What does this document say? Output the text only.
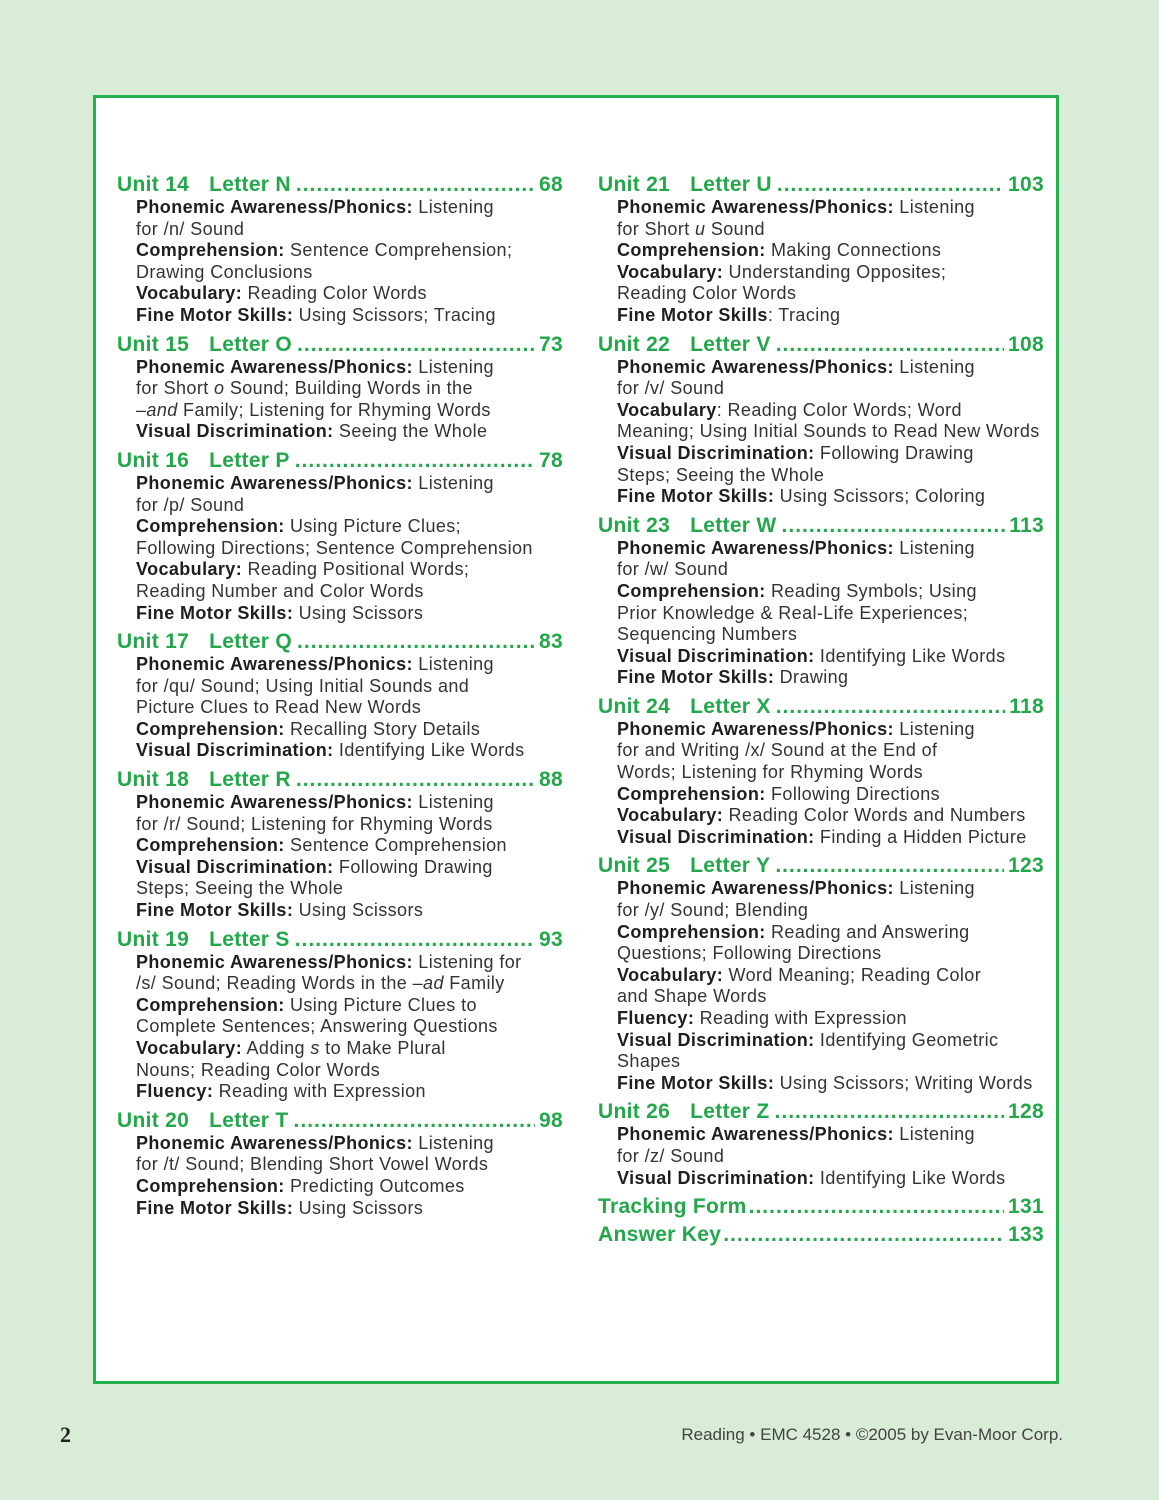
Unit 14 Letter N .....	68
Phonemic Awareness/Phonics: Listening
for /n/ Sound
Comprehension: Sentence Comprehension;
Drawing Conclusions
Vocabulary: Reading Color Words
Fine Motor Skills: Using Scissors; Tracing
Unit 15 Letter O .....	73
Phonemic Awareness/Phonics: Listening
for Short o Sound; Building Words in the
–and Family; Listening for Rhyming Words
Visual Discrimination: Seeing the Whole
Unit 16 Letter P .....	78
Phonemic Awareness/Phonics: Listening
for /p/ Sound
Comprehension: Using Picture Clues;
Following Directions; Sentence Comprehension
Vocabulary: Reading Positional Words;
Reading Number and Color Words
Fine Motor Skills: Using Scissors
Unit 17 Letter Q .....	83
Phonemic Awareness/Phonics: Listening
for /qu/ Sound; Using Initial Sounds and
Picture Clues to Read New Words
Comprehension: Recalling Story Details
Visual Discrimination: Identifying Like Words
Unit 18 Letter R .....	88
Phonemic Awareness/Phonics: Listening
for /r/ Sound; Listening for Rhyming Words
Comprehension: Sentence Comprehension
Visual Discrimination: Following Drawing
Steps; Seeing the Whole
Fine Motor Skills: Using Scissors
Unit 19 Letter S .....	93
Phonemic Awareness/Phonics: Listening for
/s/ Sound; Reading Words in the –ad Family
Comprehension: Using Picture Clues to
Complete Sentences; Answering Questions
Vocabulary: Adding s to Make Plural
Nouns; Reading Color Words
Fluency: Reading with Expression
Unit 20 Letter T .....	98
Phonemic Awareness/Phonics: Listening
for /t/ Sound; Blending Short Vowel Words
Comprehension: Predicting Outcomes
Fine Motor Skills: Using Scissors
Unit 21 Letter U .....	103
Phonemic Awareness/Phonics: Listening
for Short u Sound
Comprehension: Making Connections
Vocabulary: Understanding Opposites;
Reading Color Words
Fine Motor Skills: Tracing
Unit 22 Letter V .....	108
Phonemic Awareness/Phonics: Listening
for /v/ Sound
Vocabulary: Reading Color Words; Word
Meaning; Using Initial Sounds to Read New Words
Visual Discrimination: Following Drawing
Steps; Seeing the Whole
Fine Motor Skills: Using Scissors; Coloring
Unit 23 Letter W .....	113
Phonemic Awareness/Phonics: Listening
for /w/ Sound
Comprehension: Reading Symbols; Using
Prior Knowledge & Real-Life Experiences;
Sequencing Numbers
Visual Discrimination: Identifying Like Words
Fine Motor Skills: Drawing
Unit 24 Letter X .....	118
Phonemic Awareness/Phonics: Listening
for and Writing /x/ Sound at the End of
Words; Listening for Rhyming Words
Comprehension: Following Directions
Vocabulary: Reading Color Words and Numbers
Visual Discrimination: Finding a Hidden Picture
Unit 25 Letter Y .....	123
Phonemic Awareness/Phonics: Listening
for /y/ Sound; Blending
Comprehension: Reading and Answering
Questions; Following Directions
Vocabulary: Word Meaning; Reading Color
and Shape Words
Fluency: Reading with Expression
Visual Discrimination: Identifying Geometric
Shapes
Fine Motor Skills: Using Scissors; Writing Words
Unit 26 Letter Z .....	128
Phonemic Awareness/Phonics: Listening
for /z/ Sound
Visual Discrimination: Identifying Like Words
Tracking Form .....	131
Answer Key .....	133
2	Reading • EMC 4528 • ©2005 by Evan-Moor Corp.
